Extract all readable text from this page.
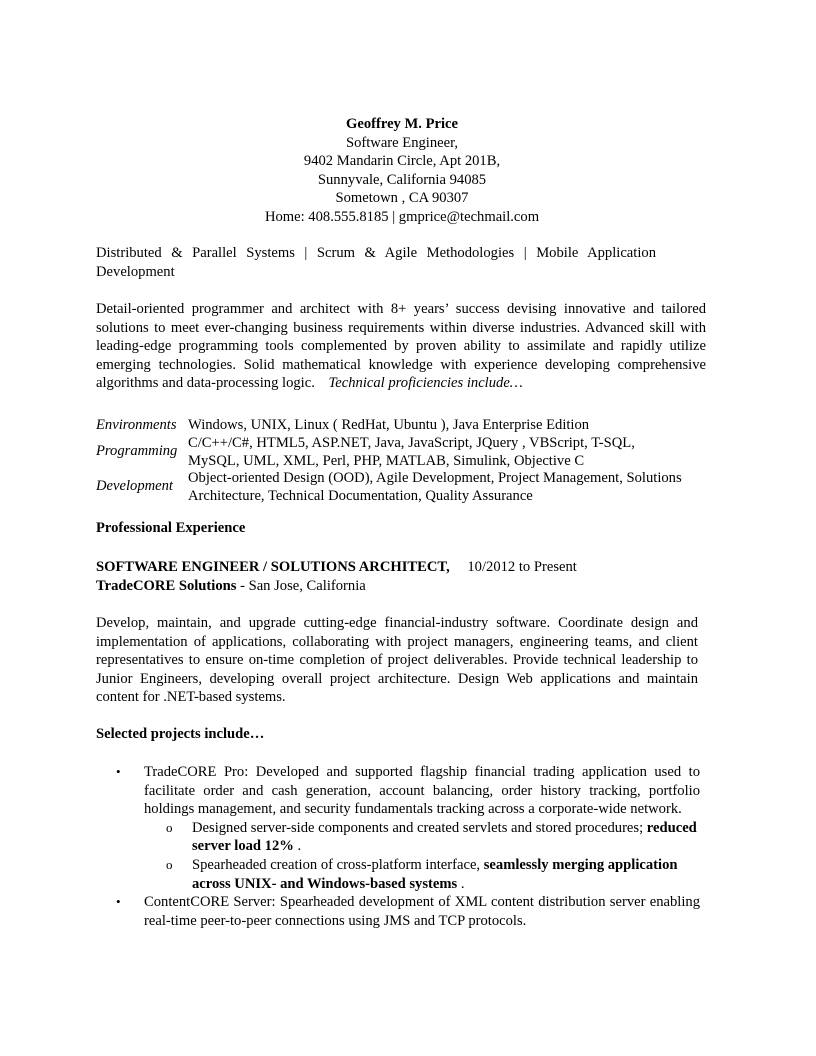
Geoffrey M. Price
Software Engineer,
9402 Mandarin Circle, Apt 201B,
Sunnyvale, California 94085
Sometown , CA 90307
Home: 408.555.8185 | gmprice@techmail.com
Distributed & Parallel Systems | Scrum & Agile Methodologies | Mobile Application Development
Detail-oriented programmer and architect with 8+ years’ success devising innovative and tailored solutions to meet ever-changing business requirements within diverse industries. Advanced skill with leading-edge programming tools complemented by proven ability to assimilate and rapidly utilize emerging technologies. Solid mathematical knowledge with experience developing comprehensive algorithms and data-processing logic. Technical proficiencies include…
Environments Windows, UNIX, Linux ( RedHat, Ubuntu ), Java Enterprise Edition
Programming C/C++/C#, HTML5, ASP.NET, Java, JavaScript, JQuery , VBScript, T-SQL, MySQL, UML, XML, Perl, PHP, MATLAB, Simulink, Objective C
Development	Object-oriented Design (OOD), Agile Development, Project Management, Solutions Architecture, Technical Documentation, Quality Assurance
Professional Experience
SOFTWARE ENGINEER / SOLUTIONS ARCHITECT, 10/2012 to Present
TradeCORE Solutions - San Jose, California
Develop, maintain, and upgrade cutting-edge financial-industry software. Coordinate design and implementation of applications, collaborating with project managers, engineering teams, and client representatives to ensure on-time completion of project deliverables. Provide technical leadership to Junior Engineers, developing overall project architecture. Design Web applications and maintain content for .NET-based systems.
Selected projects include…
• TradeCORE Pro: Developed and supported flagship financial trading application used to facilitate order and cash generation, account balancing, order history tracking, portfolio holdings management, and security fundamentals tracking across a corporate-wide network.
o Designed server-side components and created servlets and stored procedures; reduced server load 12% .
o Spearheaded creation of cross-platform interface, seamlessly merging application across UNIX- and Windows-based systems .
• ContentCORE Server: Spearheaded development of XML content distribution server enabling real-time peer-to-peer connections using JMS and TCP protocols.
